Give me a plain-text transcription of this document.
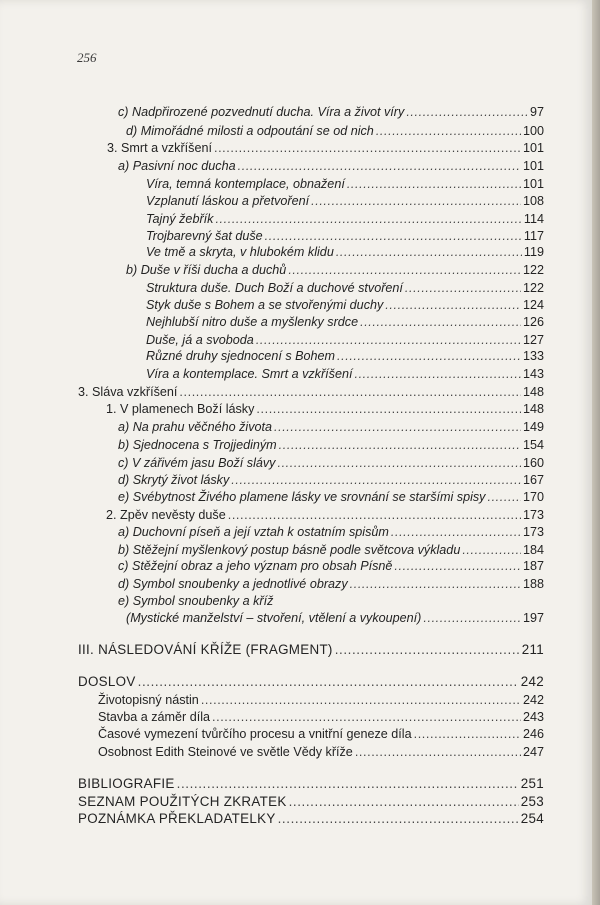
256
c) Nadpřirozené pozvednutí ducha. Víra a život víry .....	97
d) Mimořádné milosti a odpoutání se od nich .....	100
3. Smrt a vzkříšení .....	101
a) Pasivní noc ducha .....	101
Víra, temná kontemplace, obnažení .....	101
Vzplanutí láskou a přetvoření .....	108
Tajný žebřík .....	114
Trojbarevný šat duše .....	117
Ve tmě a skryta, v hlubokém klidu .....	119
b) Duše v říši ducha a duchů .....	122
Struktura duše. Duch Boží a duchové stvoření .....	122
Styk duše s Bohem a se stvořenými duchy .....	124
Nejhlubší nitro duše a myšlenky srdce .....	126
Duše, já a svoboda .....	127
Různé druhy sjednocení s Bohem .....	133
Víra a kontemplace. Smrt a vzkříšení .....	143
3. Sláva vzkříšení .....	148
1. V plamenech Boží lásky .....	148
a) Na prahu věčného života .....	149
b) Sjednocena s Trojjediným .....	154
c) V zářivém jasu Boží slávy .....	160
d) Skrytý život lásky .....	167
e) Svébytnost Živého plamene lásky ve srovnání se staršími spisy .....	170
2. Zpěv nevěsty duše .....	173
a) Duchovní píseň a její vztah k ostatním spisům .....	173
b) Stěžejní myšlenkový postup básně podle světcova výkladu .....	184
c) Stěžejní obraz a jeho význam pro obsah Písně .....	187
d) Symbol snoubenky a jednotlivé obrazy .....	188
e) Symbol snoubenky a kříž
(Mystické manželství – stvoření, vtělení a vykoupení) .....	197
III. NÁSLEDOVÁNÍ KŘÍŽE (FRAGMENT) .....	211
DOSLOV .....	242
Životopisný nástin .....	242
Stavba a záměr díla .....	243
Časové vymezení tvůrčího procesu a vnitřní geneze díla .....	246
Osobnost Edith Steinové ve světle Vědy kříže .....	247
BIBLIOGRAFIE .....	251
SEZNAM POUŽITÝCH ZKRATEK .....	253
POZNÁMKA PŘEKLADATELKY .....	254
